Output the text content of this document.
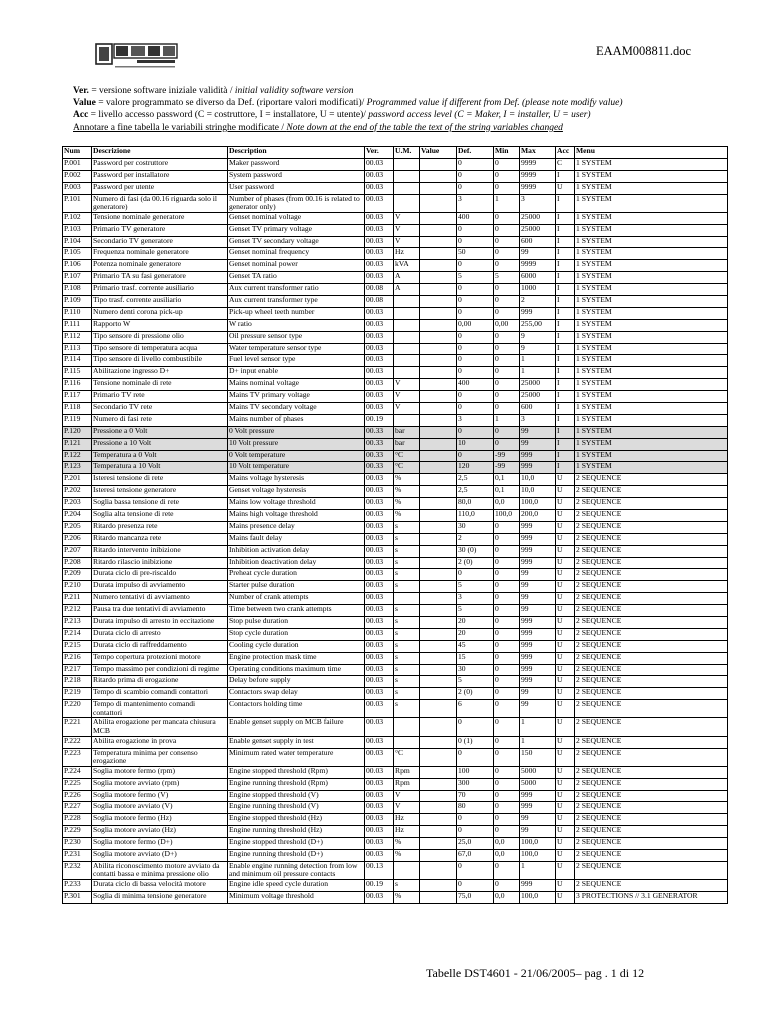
EAAM008811.doc
Ver. = versione software iniziale validità / initial validity software version
Value = valore programmato se diverso da Def. (riportare valori modificati)/ Programmed value if different from Def. (please note modify value)
Acc = livello accesso password (C = costruttore, I = installatore, U = utente)/ password access level (C = Maker, I = installer, U = user)
Annotare a fine tabella le variabili stringhe modificate / Note down at the end of the table the text of the string variables changed
Num	Descrizione	Description	Ver.	U.M.	Value	Def.	Min	Max	Acc	Menu
P.001	Password per costruttore	Maker password	00.03			0	0	9999	C	1 SYSTEM
P.002	Password per installatore	System password	00.03			0	0	9999	I	1 SYSTEM
P.003	Password per utente	User password	00.03			0	0	9999	U	1 SYSTEM
P.101	Numero di fasi (da 00.16 riguarda solo il generatore)	Number of phases (from 00.16 is related to generator only)	00.03			3	1	3	I	1 SYSTEM
P.102	Tensione nominale generatore	Genset nominal voltage	00.03	V		400	0	25000	I	1 SYSTEM
P.103	Primario TV generatore	Genset TV primary voltage	00.03	V		0	0	25000	I	1 SYSTEM
P.104	Secondario TV generatore	Genset TV secondary voltage	00.03	V		0	0	600	I	1 SYSTEM
P.105	Frequenza nominale generatore	Genset nominal frequency	00.03	Hz		50	0	99	I	1 SYSTEM
P.106	Potenza nominale generatore	Genset nominal power	00.03	kVA		0	0	9999	I	1 SYSTEM
P.107	Primario TA su fasi generatore	Genset TA ratio	00.03	A		5	5	6000	I	1 SYSTEM
P.108	Primario trasf. corrente ausiliario	Aux current transformer ratio	00.08	A		0	0	1000	I	1 SYSTEM
P.109	Tipo trasf. corrente ausiliario	Aux current transformer type	00.08			0	0	2	I	1 SYSTEM
P.110	Numero denti corona pick-up	Pick-up wheel teeth number	00.03			0	0	999	I	1 SYSTEM
P.111	Rapporto W	W ratio	00.03			0,00	0,00	255,00	I	1 SYSTEM
P.112	Tipo sensore di pressione olio	Oil pressure sensor type	00.03			0	0	9	I	1 SYSTEM
P.113	Tipo sensore di temperatura acqua	Water temperature sensor type	00.03			0	0	9	I	1 SYSTEM
P.114	Tipo sensore di livello combustibile	Fuel level sensor type	00.03			0	0	1	I	1 SYSTEM
P.115	Abilitazione ingresso D+	D+ input enable	00.03			0	0	1	I	1 SYSTEM
P.116	Tensione nominale di rete	Mains nominal voltage	00.03	V		400	0	25000	I	1 SYSTEM
P.117	Primario TV rete	Mains TV primary voltage	00.03	V		0	0	25000	I	1 SYSTEM
P.118	Secondario TV rete	Mains TV secondary voltage	00.03	V		0	0	600	I	1 SYSTEM
P.119	Numero di fasi rete	Mains number of phases	00.19			3	1	3	I	1 SYSTEM
P.120	Pressione a 0 Volt	0 Volt pressure	00.33	bar		0	0	99	I	1 SYSTEM
P.121	Pressione a 10 Volt	10 Volt pressure	00.33	bar		10	0	99	I	1 SYSTEM
P.122	Temperatura a 0 Volt	0 Volt temperature	00.33	°C		0	-99	999	I	1 SYSTEM
P.123	Temperatura a 10 Volt	10 Volt temperature	00.33	°C		120	-99	999	I	1 SYSTEM
P.201	Isteresi tensione di rete	Mains voltage hysteresis	00.03	%		2,5	0,1	10,0	U	2 SEQUENCE
P.202	Isteresi tensione generatore	Genset voltage hysteresis	00.03	%		2,5	0,1	10,0	U	2 SEQUENCE
P.203	Soglia bassa tensione di rete	Mains low voltage threshold	00.03	%		80,0	0,0	100,0	U	2 SEQUENCE
P.204	Soglia alta tensione di rete	Mains high voltage threshold	00.03	%		110,0	100,0	200,0	U	2 SEQUENCE
P.205	Ritardo presenza rete	Mains presence delay	00.03	s		30	0	999	U	2 SEQUENCE
P.206	Ritardo mancanza rete	Mains fault delay	00.03	s		2	0	999	U	2 SEQUENCE
P.207	Ritardo intervento inibizione	Inhibition activation delay	00.03	s		30 (0)	0	999	U	2 SEQUENCE
P.208	Ritardo rilascio inibizione	Inhibition deactivation delay	00.03	s		2 (0)	0	999	U	2 SEQUENCE
P.209	Durata ciclo di pre-riscaldo	Preheat cycle duration	00.03	s		0	0	99	U	2 SEQUENCE
P.210	Durata impulso di avviamento	Starter pulse duration	00.03	s		5	0	99	U	2 SEQUENCE
P.211	Numero tentativi di avviamento	Number of crank attempts	00.03			3	0	99	U	2 SEQUENCE
P.212	Pausa tra due tentativi di avviamento	Time between two crank attempts	00.03	s		5	0	99	U	2 SEQUENCE
P.213	Durata impulso di arresto in eccitazione	Stop pulse duration	00.03	s		20	0	999	U	2 SEQUENCE
P.214	Durata ciclo di arresto	Stop cycle duration	00.03	s		20	0	999	U	2 SEQUENCE
P.215	Durata ciclo di raffreddamento	Cooling cycle duration	00.03	s		45	0	999	U	2 SEQUENCE
P.216	Tempo copertura protezioni motore	Engine protection mask time	00.03	s		15	0	999	U	2 SEQUENCE
P.217	Tempo massimo per condizioni di regime	Operating conditions maximum time	00.03	s		30	0	999	U	2 SEQUENCE
P.218	Ritardo prima di erogazione	Delay before supply	00.03	s		5	0	999	U	2 SEQUENCE
P.219	Tempo di scambio comandi contattori	Contactors swap delay	00.03	s		2 (0)	0	99	U	2 SEQUENCE
P.220	Tempo di mantenimento comandi contattori	Contactors holding time	00.03	s		6	0	99	U	2 SEQUENCE
P.221	Abilita erogazione per mancata chiusura MCB	Enable genset supply on MCB failure	00.03			0	0	1	U	2 SEQUENCE
P.222	Abilita erogazione in prova	Enable genset supply in test	00.03			0 (1)	0	1	U	2 SEQUENCE
P.223	Temperatura minima per consenso erogazione	Minimum rated water temperature	00.03	°C		0	0	150	U	2 SEQUENCE
P.224	Soglia motore fermo (rpm)	Engine stopped threshold (Rpm)	00.03	Rpm		100	0	5000	U	2 SEQUENCE
P.225	Soglia motore avviato (rpm)	Engine running threshold (Rpm)	00.03	Rpm		300	0	5000	U	2 SEQUENCE
P.226	Soglia motore fermo (V)	Engine stopped threshold (V)	00.03	V		70	0	999	U	2 SEQUENCE
P.227	Soglia motore avviato (V)	Engine running threshold (V)	00.03	V		80	0	999	U	2 SEQUENCE
P.228	Soglia motore fermo (Hz)	Engine stopped threshold (Hz)	00.03	Hz		0	0	99	U	2 SEQUENCE
P.229	Soglia motore avviato (Hz)	Engine running threshold (Hz)	00.03	Hz		0	0	99	U	2 SEQUENCE
P.230	Soglia motore fermo (D+)	Engine stopped threshold (D+)	00.03	%		25,0	0,0	100,0	U	2 SEQUENCE
P.231	Soglia motore avviato (D+)	Engine running threshold (D+)	00.03	%		67,0	0,0	100,0	U	2 SEQUENCE
P.232	Abilita riconoscimento motore avviato da contatti bassa e minima pressione olio	Enable engine running detection from low and minimum oil pressure contacts	00.13			0	0	1	U	2 SEQUENCE
P.233	Durata ciclo di bassa velocità motore	Engine idle speed cycle duration	00.19	s		0	0	999	U	2 SEQUENCE
P.301	Soglia di minima tensione generatore	Minimum voltage threshold	00.03	%		75,0	0,0	100,0	U	3 PROTECTIONS // 3.1 GENERATOR
Tabelle DST4601 - 21/06/2005– pag . 1 di 12
